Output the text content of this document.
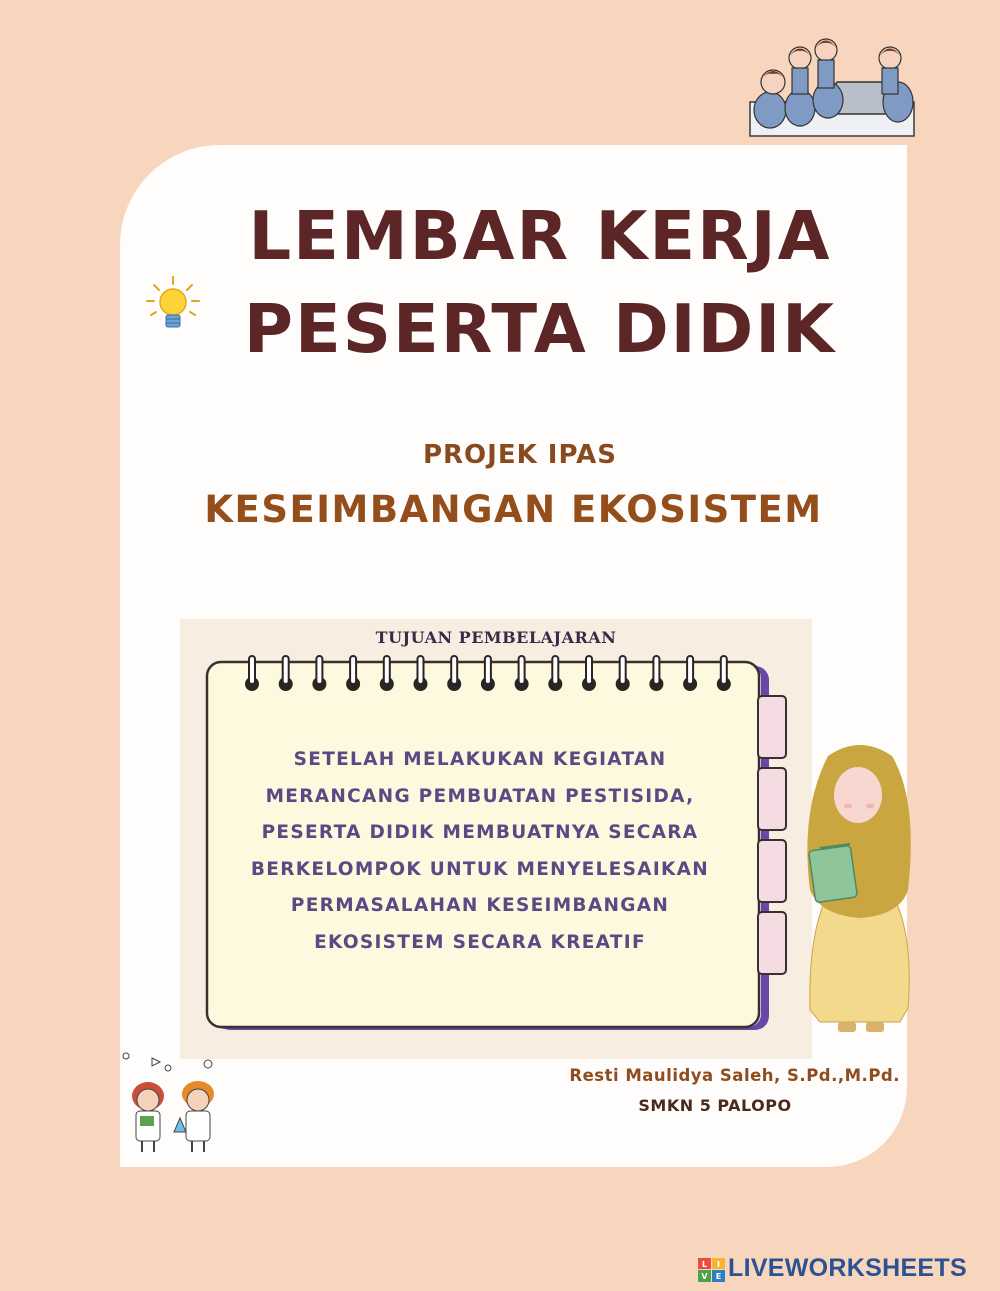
LEMBAR KERJA
PESERTA DIDIK
PROJEK IPAS
KESEIMBANGAN EKOSISTEM
TUJUAN PEMBELAJARAN
SETELAH MELAKUKAN KEGIATAN
MERANCANG PEMBUATAN PESTISIDA,
PESERTA DIDIK MEMBUATNYA SECARA
BERKELOMPOK UNTUK MENYELESAIKAN
PERMASALAHAN KESEIMBANGAN
EKOSISTEM SECARA KREATIF
Resti Maulidya Saleh, S.Pd.,M.Pd.
SMKN 5 PALOPO
L I
V E LIVEWORKSHEETS
